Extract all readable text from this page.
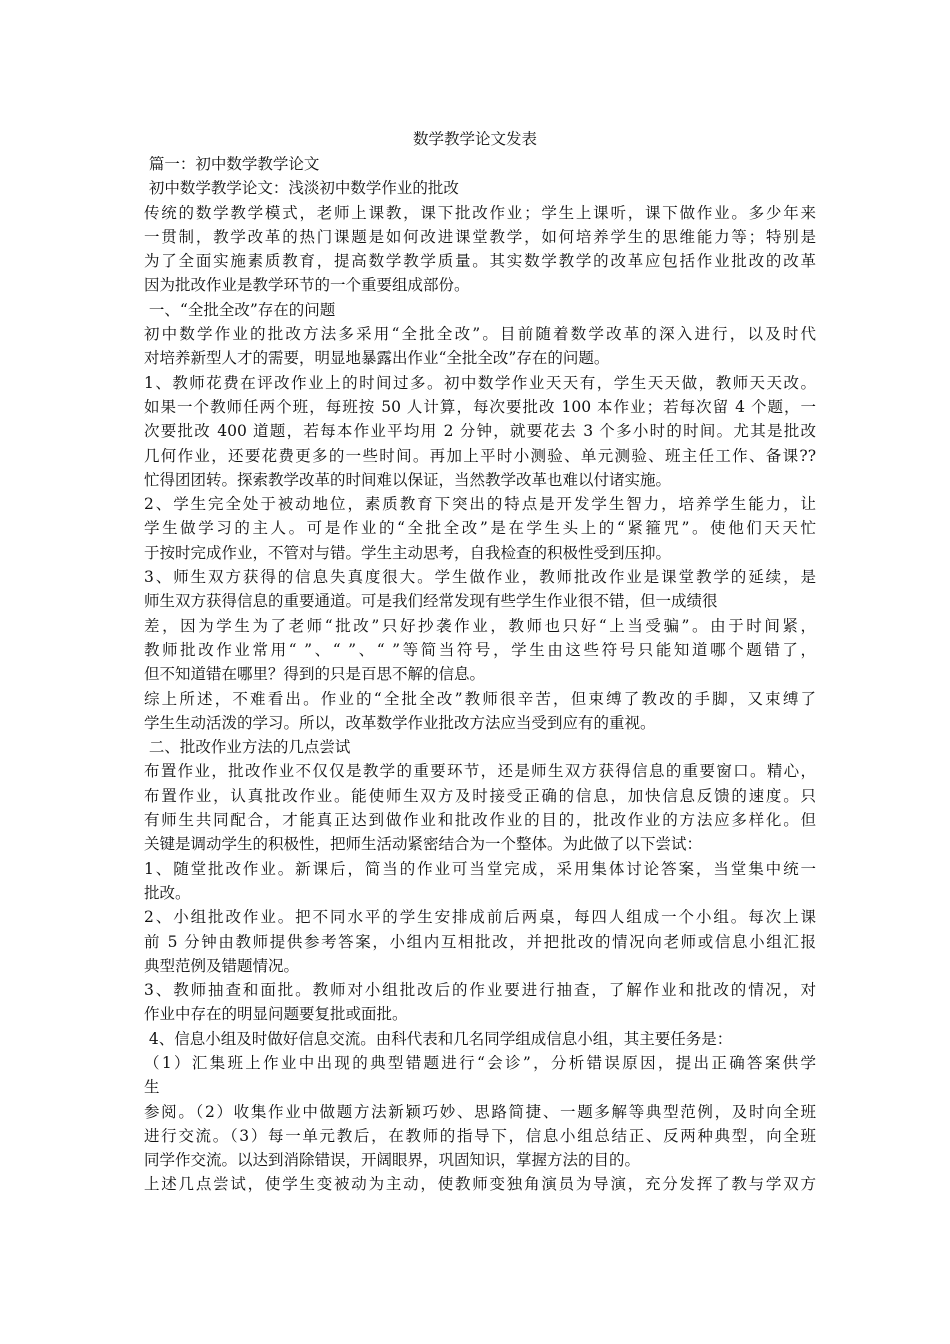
数学教学论文发表
篇一：初中数学教学论文
初中数学教学论文：浅淡初中数学作业的批改
传统的数学教学模式，老师上课教，课下批改作业；学生上课听，课下做作业。多少年来
一贯制，教学改革的热门课题是如何改进课堂教学，如何培养学生的思维能力等；特别是
为了全面实施素质教育，提高数学教学质量。其实数学教学的改革应包括作业批改的改革
因为批改作业是教学环节的一个重要组成部份。
一、“全批全改”存在的问题
初中数学作业的批改方法多采用“全批全改”。目前随着数学改革的深入进行，以及时代
对培养新型人才的需要，明显地暴露出作业“全批全改”存在的问题。
1、教师花费在评改作业上的时间过多。初中数学作业天天有，学生天天做，教师天天改。
如果一个教师任两个班，每班按 50 人计算，每次要批改 100 本作业；若每次留 4 个题，一
次要批改 400 道题，若每本作业平均用 2 分钟，就要花去 3 个多小时的时间。尤其是批改
几何作业，还要花费更多的一些时间。再加上平时小测验、单元测验、班主任工作、备课??
忙得团团转。探索教学改革的时间难以保证，当然教学改革也难以付诸实施。
2、学生完全处于被动地位，素质教育下突出的特点是开发学生智力，培养学生能力，让
学生做学习的主人。可是作业的“全批全改”是在学生头上的“紧箍咒”。使他们天天忙
于按时完成作业，不管对与错。学生主动思考，自我检查的积极性受到压抑。
3、师生双方获得的信息失真度很大。学生做作业，教师批改作业是课堂教学的延续，是
师生双方获得信息的重要通道。可是我们经常发现有些学生作业很不错，但一成绩很
差，因为学生为了老师“批改”只好抄袭作业，教师也只好“上当受骗”。由于时间紧，
教师批改作业常用“ ”、“ ”、“ ”等简当符号，学生由这些符号只能知道哪个题错了，
但不知道错在哪里？得到的只是百思不解的信息。
综上所述，不难看出。作业的“全批全改”教师很辛苦，但束缚了教改的手脚，又束缚了
学生生动活泼的学习。所以，改革数学作业批改方法应当受到应有的重视。
二、批改作业方法的几点尝试
布置作业，批改作业不仅仅是教学的重要环节，还是师生双方获得信息的重要窗口。精心，
布置作业，认真批改作业。能使师生双方及时接受正确的信息，加快信息反馈的速度。只
有师生共同配合，才能真正达到做作业和批改作业的目的，批改作业的方法应多样化。但
关键是调动学生的积极性，把师生活动紧密结合为一个整体。为此做了以下尝试：
1、随堂批改作业。新课后，简当的作业可当堂完成，采用集体讨论答案，当堂集中统一
批改。
2、小组批改作业。把不同水平的学生安排成前后两桌，每四人组成一个小组。每次上课
前 5 分钟由教师提供参考答案，小组内互相批改，并把批改的情况向老师或信息小组汇报
典型范例及错题情况。
3、教师抽查和面批。教师对小组批改后的作业要进行抽查，了解作业和批改的情况，对
作业中存在的明显问题要复批或面批。
4、信息小组及时做好信息交流。由科代表和几名同学组成信息小组，其主要任务是：
（1）汇集班上作业中出现的典型错题进行“会诊”，分析错误原因，提出正确答案供学
生
参阅。（2）收集作业中做题方法新颖巧妙、思路简捷、一题多解等典型范例，及时向全班
进行交流。（3）每一单元教后，在教师的指导下，信息小组总结正、反两种典型，向全班
同学作交流。以达到消除错误，开阔眼界，巩固知识，掌握方法的目的。
上述几点尝试，使学生变被动为主动，使教师变独角演员为导演，充分发挥了教与学双方
